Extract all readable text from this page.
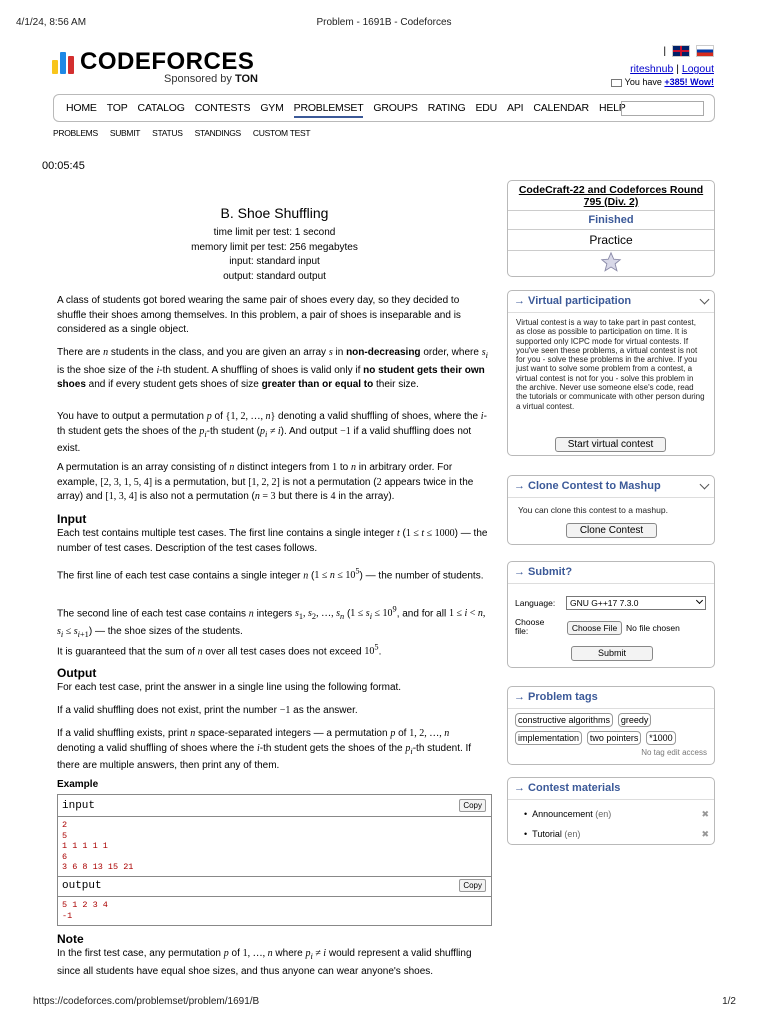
4/1/24, 8:56 AM	Problem - 1691B - Codeforces
CODEFORCES
Sponsored by TON
|
riteshnub | Logout
You have +385! Wow!
HOME TOP CATALOG CONTESTS GYM PROBLEMSET GROUPS RATING EDU API CALENDAR HELP
PROBLEMS SUBMIT STATUS STANDINGS CUSTOM TEST
00:05:45
B. Shoe Shuffling
time limit per test: 1 second
memory limit per test: 256 megabytes
input: standard input
output: standard output
A class of students got bored wearing the same pair of shoes every day, so they decided to shuffle their shoes among themselves. In this problem, a pair of shoes is inseparable and is considered as a single object.
There are n students in the class, and you are given an array s in non-decreasing order, where $s_i$ is the shoe size of the i-th student. A shuffling of shoes is valid only if no student gets their own shoes and if every student gets shoes of size greater than or equal to their size.
You have to output a permutation p of {1, 2, …, n} denoting a valid shuffling of shoes, where the i-th student gets the shoes of the $p_i-th$ student $(p_i \ne i)$. And output −1 if a valid shuffling does not exist.
A permutation is an array consisting of n distinct integers from 1 to n in arbitrary order. For example, [2, 3, 1, 5, 4] is a permutation, but [1, 2, 2] is not a permutation (2 appears twice in the array) and [1, 3, 4] is also not a permutation (n = 3 but there is 4 in the array).
Input
Each test contains multiple test cases. The first line contains a single integer t (1 ≤ t ≤ 1000) — the number of test cases. Description of the test cases follows.
The first line of each test case contains a single integer n $(1 \le n \le 10^5)$ — the number of students.
The second line of each test case contains n integers $s_1$, $s_2$, …, $s_n$ ($1 \le s_i \le 10^9$, and for all 1 ≤ i < n, $s_i \le s_{i+1}$) — the shoe sizes of the students.
It is guaranteed that the sum of n over all test cases does not exceed $10^5$.
Output
For each test case, print the answer in a single line using the following format.
If a valid shuffling does not exist, print the number −1 as the answer.
If a valid shuffling exists, print n space-separated integers — a permutation p of 1, 2, …, n denoting a valid shuffling of shoes where the i-th student gets the shoes of the $p_i-th$ student. If there are multiple answers, then print any of them.
Example
input	Copy
2
5
1 1 1 1 1
6
3 6 8 13 15 21
output	Copy
5 1 2 3 4
-1
Note
In the first test case, any permutation p of 1, …, n where $p_i \ne i$ would represent a valid shuffling since all students have equal shoe sizes, and thus anyone can wear anyone's shoes.
CodeCraft-22 and Codeforces Round 795 (Div. 2)
Finished
Practice
→ Virtual participation
Virtual contest is a way to take part in past contest, as close as possible to participation on time. It is supported only ICPC mode for virtual contests. If you've seen these problems, a virtual contest is not for you - solve these problems in the archive. If you just want to solve some problem from a contest, a virtual contest is not for you - solve this problem in the archive. Never use someone else's code, read the tutorials or communicate with other person during a virtual contest.
Start virtual contest
→ Clone Contest to Mashup
You can clone this contest to a mashup.
Clone Contest
→ Submit?
Language:	GNU G++17 7.3.0
Choose file:	Choose File	No file chosen
Submit
→ Problem tags
constructive algorithms greedy implementation two pointers *1000
No tag edit access
→ Contest materials
•  Announcement (en)	✖
•  Tutorial (en)	✖
https://codeforces.com/problemset/problem/1691/B	1/2
